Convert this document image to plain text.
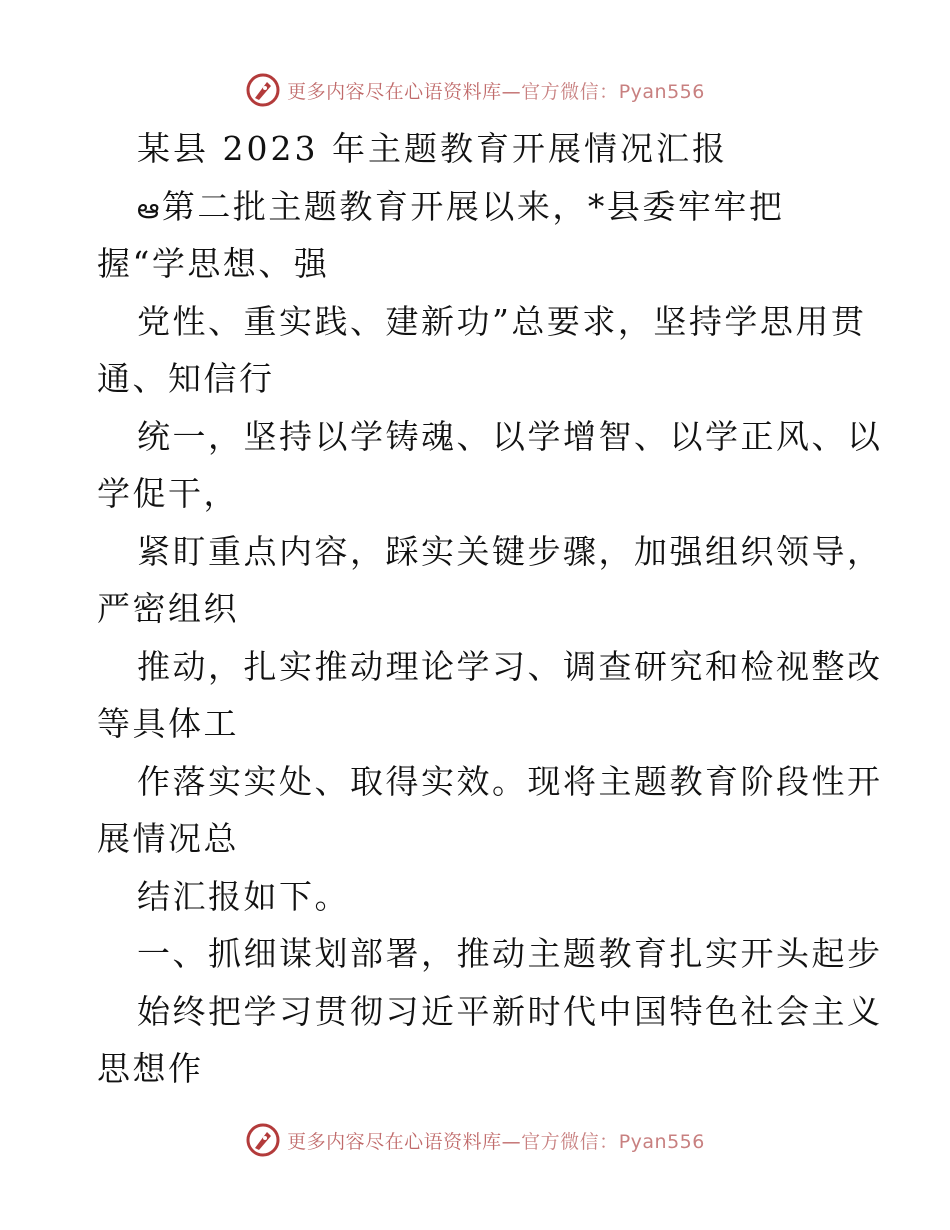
更多内容尽在心语资料库—官方微信：Pyan556
某县 2023 年主题教育开展情况汇报
ఆ第二批主题教育开展以来，*县委牢牢把
握“学思想、强
党性、重实践、建新功”总要求，坚持学思用贯
通、知信行
统一，坚持以学铸魂、以学增智、以学正风、以
学促干，
紧盯重点内容，踩实关键步骤，加强组织领导，
严密组织
推动，扎实推动理论学习、调查研究和检视整改
等具体工
作落实实处、取得实效。现将主题教育阶段性开
展情况总
结汇报如下。
一、抓细谋划部署，推动主题教育扎实开头起步
始终把学习贯彻习近平新时代中国特色社会主义
思想作
更多内容尽在心语资料库—官方微信：Pyan556
